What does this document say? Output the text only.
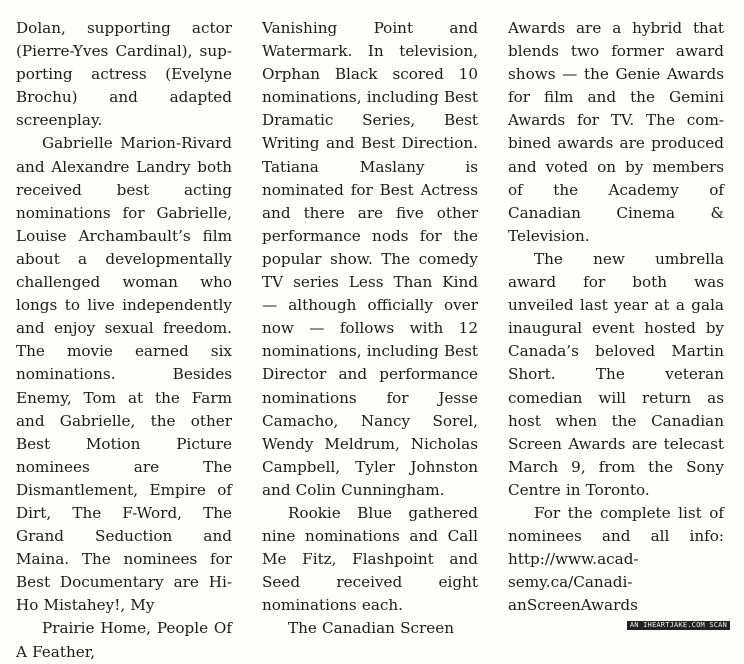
Dolan, supporting actor (Pierre-Yves Cardinal), supporting actress (Evelyne Brochu) and adapted screenplay.

Gabrielle Marion-Rivard and Alexandre Landry both received best acting nominations for Gabrielle, Louise Archambault’s film about a developmentally challenged woman who longs to live independently and enjoy sexual freedom. The movie earned six nominations. Besides Enemy, Tom at the Farm and Gabrielle, the other Best Motion Picture nominees are The Dismantlement, Empire of Dirt, The F-Word, The Grand Seduction and Maina. The nominees for Best Documentary are Hi-Ho Mistahey!, My

Prairie Home, People Of A Feather,

Vanishing Point and Watermark. In television, Orphan Black scored 10 nominations, including Best Dramatic Series, Best Writing and Best Direction. Tatiana Maslany is nominated for Best Actress and there are five other performance nods for the popular show. The comedy TV series Less Than Kind — although officially over now — follows with 12 nominations, including Best Director and performance nominations for Jesse Camacho, Nancy Sorel, Wendy Meldrum, Nicholas Campbell, Tyler Johnston and Colin Cunningham.

Rookie Blue gathered nine nominations and Call Me Fitz, Flashpoint and Seed received eight nominations each.

The Canadian Screen

Awards are a hybrid that blends two former award shows — the Genie Awards for film and the Gemini Awards for TV. The combined awards are produced and voted on by members of the Academy of Canadian Cinema & Television.

The new umbrella award for both was unveiled last year at a gala inaugural event hosted by Canada’s beloved Martin Short. The veteran comedian will return as host when the Canadian Screen Awards are telecast March 9, from the Sony Centre in Toronto.

For the complete list of nominees and all info: http://www.acadsemy.ca/CanadianScreenAwards

AN IHEARTJAKE.COM SCAN
